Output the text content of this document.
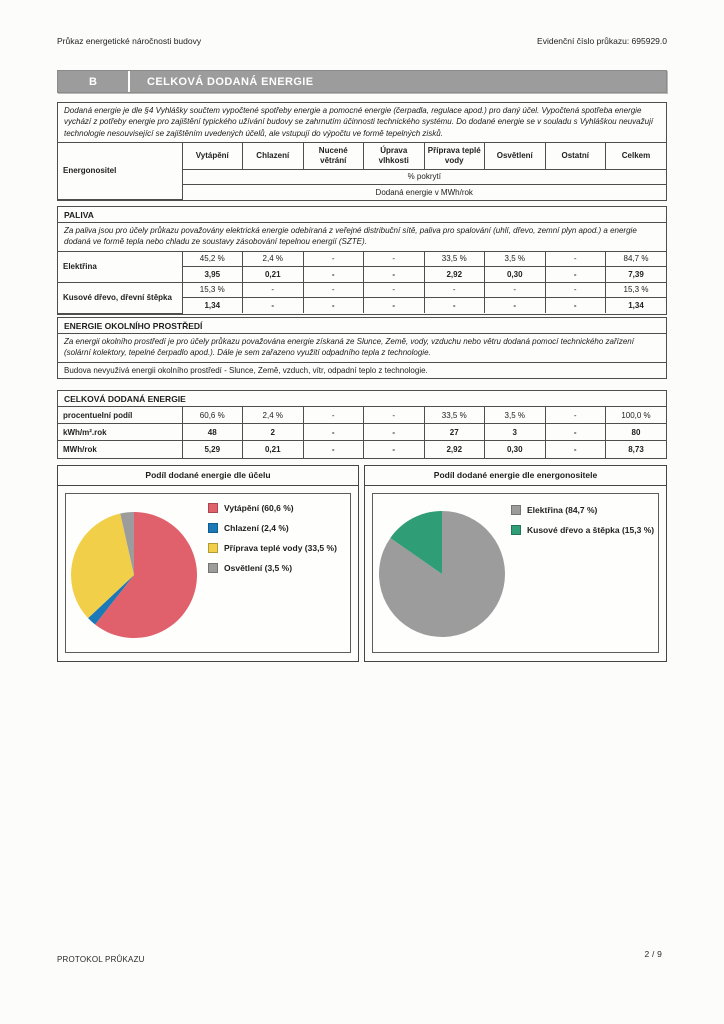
Průkaz energetické náročnosti budovy	Evidenční číslo průkazu: 695929.0
B	CELKOVÁ DODANÁ ENERGIE
Dodaná energie je dle §4 Vyhlášky součtem vypočtené spotřeby energie a pomocné energie (čerpadla, regulace apod.) pro daný účel. Vypočtená spotřeba energie vychází z potřeby energie pro zajištění typického užívání budovy se zahrnutím účinnosti technického systému. Do dodané energie se v souladu s Vyhláškou neuvažují technologie nesouvisející se zajištěním uvedených účelů, ale vstupují do výpočtu ve formě tepelných zisků.
Energonositel	Vytápění	Chlazení	Nucené větrání	Úprava vlhkosti	Příprava teplé vody	Osvětlení	Ostatní	Celkem
% pokrytí
Dodaná energie v MWh/rok
PALIVA
Za paliva jsou pro účely průkazu považovány elektrická energie odebíraná z veřejné distribuční sítě, paliva pro spalování (uhlí, dřevo, zemní plyn apod.) a energie dodaná ve formě tepla nebo chladu ze soustavy zásobování tepelnou energií (SZTE).
Elektřina	45,2 %	2,4 %	-	-	33,5 %	3,5 %	-	84,7 %
	3,95	0,21	-	-	2,92	0,30	-	7,39
Kusové dřevo, dřevní štěpka	15,3 %	-	-	-	-	-	-	15,3 %
	1,34	-	-	-	-	-	-	1,34
ENERGIE OKOLNÍHO PROSTŘEDÍ
Za energii okolního prostředí je pro účely průkazu považována energie získaná ze Slunce, Země, vody, vzduchu nebo větru dodaná pomocí technického zařízení (solární kolektory, tepelné čerpadlo apod.). Dále je sem zařazeno využití odpadního tepla z technologie.
Budova nevyužívá energii okolního prostředí - Slunce, Země, vzduch, vítr, odpadní teplo z technologie.
CELKOVÁ DODANÁ ENERGIE
procentuelní podíl	60,6 %	2,4 %	-	-	33,5 %	3,5 %	-	100,0 %
kWh/m².rok	48	2	-	-	27	3	-	80
MWh/rok	5,29	0,21	-	-	2,92	0,30	-	8,73
Podíl dodané energie dle účelu
Vytápění (60,6 %)
Chlazení (2,4 %)
Příprava teplé vody (33,5 %)
Osvětlení (3,5 %)
Podíl dodané energie dle energonositele
Elektřina (84,7 %)
Kusové dřevo a štěpka (15,3 %)
PROTOKOL PRŮKAZU
2 / 9
